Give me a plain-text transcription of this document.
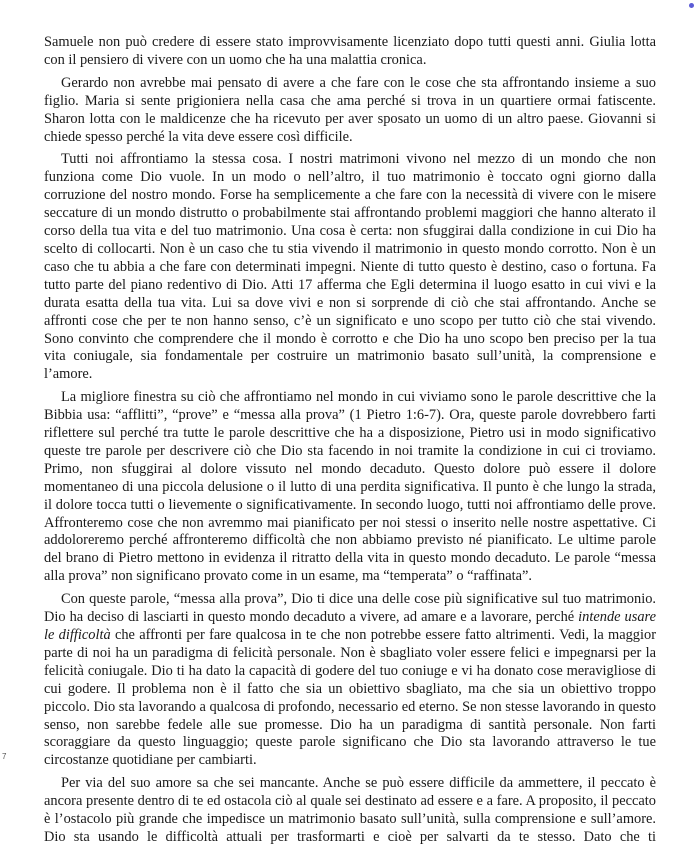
Samuele non può credere di essere stato improvvisamente licenziato dopo tutti questi anni. Giulia lotta con il pensiero di vivere con un uomo che ha una malattia cronica.

Gerardo non avrebbe mai pensato di avere a che fare con le cose che sta affrontando insieme a suo figlio. Maria si sente prigioniera nella casa che ama perché si trova in un quartiere ormai fatiscente. Sharon lotta con le maldicenze che ha ricevuto per aver sposato un uomo di un altro paese. Giovanni si chiede spesso perché la vita deve essere così difficile.

Tutti noi affrontiamo la stessa cosa. I nostri matrimoni vivono nel mezzo di un mondo che non funziona come Dio vuole. In un modo o nell’altro, il tuo matrimonio è toccato ogni giorno dalla corruzione del nostro mondo. Forse ha semplicemente a che fare con la necessità di vivere con le misere seccature di un mondo distrutto o probabilmente stai affrontando problemi maggiori che hanno alterato il corso della tua vita e del tuo matrimonio. Una cosa è certa: non sfuggirai dalla condizione in cui Dio ha scelto di collocarti. Non è un caso che tu stia vivendo il matrimonio in questo mondo corrotto. Non è un caso che tu abbia a che fare con determinati impegni. Niente di tutto questo è destino, caso o fortuna. Fa tutto parte del piano redentivo di Dio. Atti 17 afferma che Egli determina il luogo esatto in cui vivi e la durata esatta della tua vita. Lui sa dove vivi e non si sorprende di ciò che stai affrontando. Anche se affronti cose che per te non hanno senso, c’è un significato e uno scopo per tutto ciò che stai vivendo. Sono convinto che comprendere che il mondo è corrotto e che Dio ha uno scopo ben preciso per la tua vita coniugale, sia fondamentale per costruire un matrimonio basato sull’unità, la comprensione e l’amore.

La migliore finestra su ciò che affrontiamo nel mondo in cui viviamo sono le parole descrittive che la Bibbia usa: “afflitti”, “prove” e “messa alla prova” (1 Pietro 1:6-7). Ora, queste parole dovrebbero farti riflettere sul perché tra tutte le parole descrittive che ha a disposizione, Pietro usi in modo significativo queste tre parole per descrivere ciò che Dio sta facendo in noi tramite la condizione in cui ci troviamo. Primo, non sfuggirai al dolore vissuto nel mondo decaduto. Questo dolore può essere il dolore momentaneo di una piccola delusione o il lutto di una perdita significativa. Il punto è che lungo la strada, il dolore tocca tutti o lievemente o significativamente. In secondo luogo, tutti noi affrontiamo delle prove. Affronteremo cose che non avremmo mai pianificato per noi stessi o inserito nelle nostre aspettative. Ci addoloreremo perché affronteremo difficoltà che non abbiamo previsto né pianificato. Le ultime parole del brano di Pietro mettono in evidenza il ritratto della vita in questo mondo decaduto. Le parole “messa alla prova” non significano provato come in un esame, ma “temperata” o “raffinata”.

Con queste parole, “messa alla prova”, Dio ti dice una delle cose più significative sul tuo matrimonio. Dio ha deciso di lasciarti in questo mondo decaduto a vivere, ad amare e a lavorare, perché intende usare le difficoltà che affronti per fare qualcosa in te che non potrebbe essere fatto altrimenti. Vedi, la maggior parte di noi ha un paradigma di felicità personale. Non è sbagliato voler essere felici e impegnarsi per la felicità coniugale. Dio ti ha dato la capacità di godere del tuo coniuge e vi ha donato cose meravigliose di cui godere. Il problema non è il fatto che sia un obiettivo sbagliato, ma che sia un obiettivo troppo piccolo. Dio sta lavorando a qualcosa di profondo, necessario ed eterno. Se non stesse lavorando in questo senso, non sarebbe fedele alle sue promesse. Dio ha un paradigma di santità personale. Non farti scoraggiare da questo linguaggio; queste parole significano che Dio sta lavorando attraverso le tue circostanze quotidiane per cambiarti.

Per via del suo amore sa che sei mancante. Anche se può essere difficile da ammettere, il peccato è ancora presente dentro di te ed ostacola ciò al quale sei destinato ad essere e a fare. A proposito, il peccato è l’ostacolo più grande che impedisce un matrimonio basato sull’unità, sulla comprensione e sull’amore. Dio sta usando le difficoltà attuali per trasformarti e cioè per salvarti da te stesso. Dato che ti

7
